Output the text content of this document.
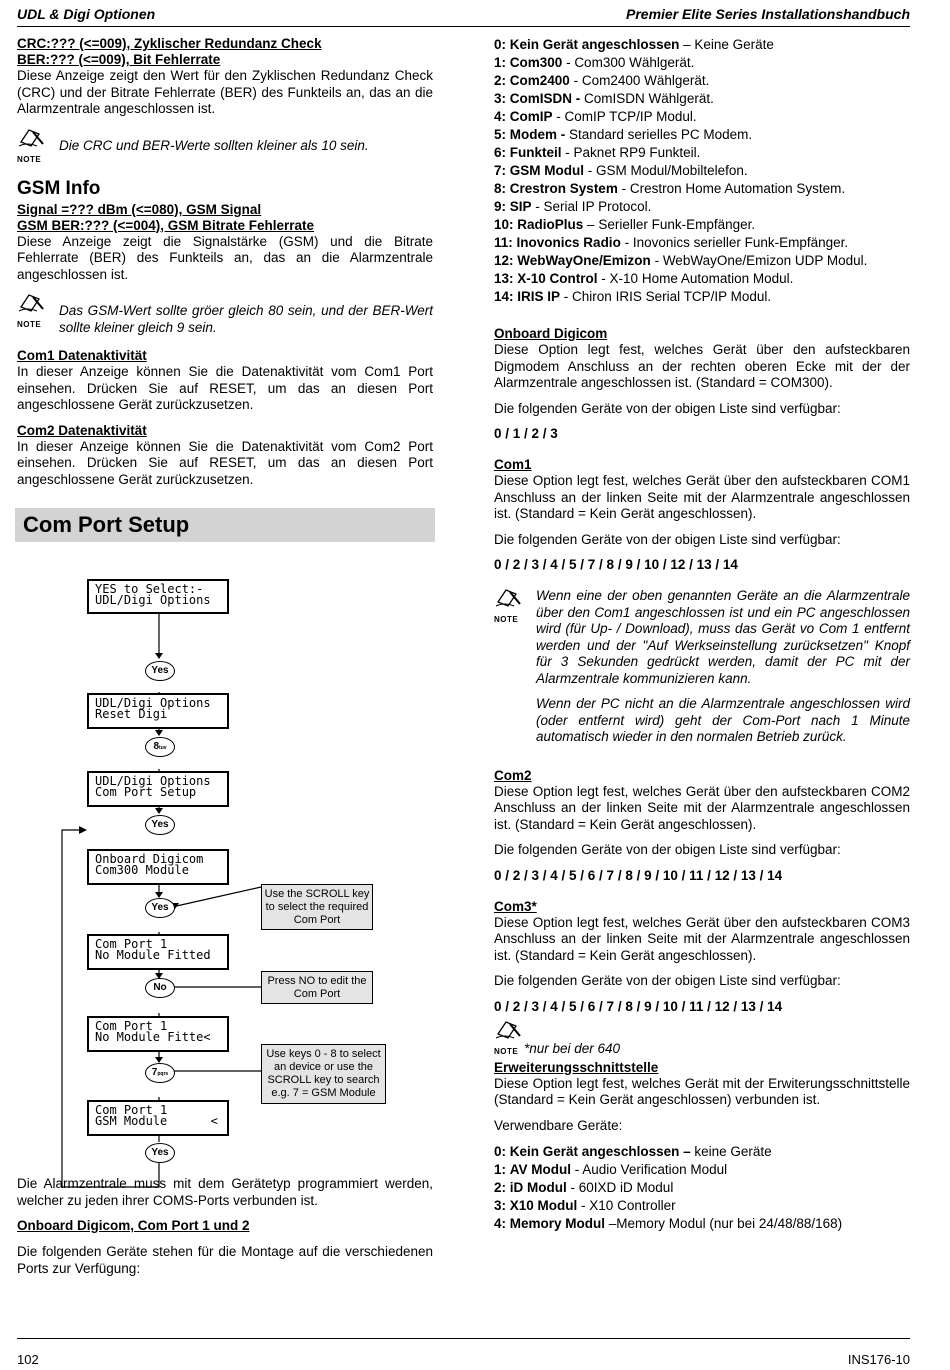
UDL & Digi Optionen	Premier Elite Series Installationshandbuch
CRC:??? (<=009), Zyklischer Redundanz Check
BER:??? (<=009), Bit Fehlerrate

Diese Anzeige zeigt den Wert für den Zyklischen Redundanz Check (CRC) und der Bitrate Fehlerrate (BER) des Funkteils an, das an die Alarmzentrale angeschlossen ist.

NOTE
Die CRC und BER-Werte sollten kleiner als 10 sein.
GSM Info
Signal =??? dBm (<=080), GSM Signal
GSM BER:??? (<=004), GSM Bitrate Fehlerrate

Diese Anzeige zeigt die Signalstärke (GSM) und die Bitrate Fehlerrate (BER) des Funkteils an, das an die Alarmzentrale angeschlossen ist.

NOTE
Das GSM-Wert sollte gröer gleich 80 sein, und der BER-Wert sollte kleiner gleich 9 sein.
Com1 Datenaktivität

In dieser Anzeige können Sie die Datenaktivität vom Com1 Port einsehen. Drücken Sie auf RESET, um das an diesen Port angeschlossene Gerät zurückzusetzen.

Com2 Datenaktivität

In dieser Anzeige können Sie die Datenaktivität vom Com2 Port einsehen. Drücken Sie auf RESET, um das an diesen Port angeschlossene Gerät zurückzusetzen.

Com Port Setup
YES to Select:-
UDL/Digi Options
Yes
UDL/Digi Options
Reset Digi
8tuv
UDL/Digi Options
Com Port Setup
Yes
Onboard Digicom
Com300 Module
Yes
Use the SCROLL key to select the required Com Port
Com Port 1
No Module Fitted
No
Press NO to edit the Com Port
Com Port 1
No Module Fitte<
7pqrs
Use keys 0 - 8 to select an device or use the SCROLL key to search e.g. 7 = GSM Module
Com Port 1
GSM Module      <
Yes

Die Alarmzentrale muss mit dem Gerätetyp programmiert werden, welcher zu jeden ihrer COMS-Ports verbunden ist.

Onboard Digicom, Com Port 1 und 2

Die folgenden Geräte stehen für die Montage auf die verschiedenen Ports zur Verfügung:

0: Kein Gerät angeschlossen – Keine Geräte
1: Com300 - Com300 Wählgerät.
2: Com2400 - Com2400 Wählgerät.
3: ComISDN - ComISDN Wählgerät.
4: ComIP - ComIP TCP/IP Modul.
5: Modem - Standard serielles PC Modem.
6: Funkteil - Paknet RP9 Funkteil.
7: GSM Modul - GSM Modul/Mobiltelefon.
8: Crestron System - Crestron Home Automation System.
9: SIP - Serial IP Protocol.
10: RadioPlus – Serieller Funk-Empfänger.
11: Inovonics Radio - Inovonics serieller Funk-Empfänger.
12: WebWayOne/Emizon - WebWayOne/Emizon UDP Modul.
13: X-10 Control - X-10 Home Automation Modul.
14: IRIS IP - Chiron IRIS Serial TCP/IP Modul.
Onboard Digicom

Diese Option legt fest, welches Gerät über den aufsteckbaren Digmodem Anschluss an der rechten oberen Ecke mit der der Alarmzentrale angeschlossen ist. (Standard = COM300).

Die folgenden Geräte von der obigen Liste sind verfügbar:

0 / 1 / 2 / 3
Com1

Diese Option legt fest, welches Gerät über den aufsteckbaren COM1 Anschluss an der linken Seite mit der Alarmzentrale angeschlossen ist. (Standard = Kein Gerät angeschlossen).

Die folgenden Geräte von der obigen Liste sind verfügbar:

0 / 2 / 3 / 4 / 5 / 7 / 8 / 9 / 10 / 12 / 13 / 14
NOTE
Wenn eine der oben genannten Geräte an die Alarmzentrale über den Com1 angeschlossen ist und ein PC angeschlossen wird (für Up- / Download), muss das Gerät vo Com 1 entfernt werden und der "Auf Werkseinstellung zurücksetzen" Knopf für 3 Sekunden gedrückt werden, damit der PC mit der Alarmzentrale kommunizieren kann.
Wenn der PC nicht an die Alarmzentrale angeschlossen wird (oder entfernt wird) geht der Com-Port nach 1 Minute automatisch wieder in den normalen Betrieb zurück.
Com2

Diese Option legt fest, welches Gerät über den aufsteckbaren COM2 Anschluss an der linken Seite mit der Alarmzentrale angeschlossen ist. (Standard = Kein Gerät angeschlossen).

Die folgenden Geräte von der obigen Liste sind verfügbar:

0 / 2 / 3 / 4 / 5 / 6 / 7 / 8 / 9 / 10 / 11 / 12 / 13 / 14
Com3*

Diese Option legt fest, welches Gerät über den aufsteckbaren COM3 Anschluss an der linken Seite mit der Alarmzentrale angeschlossen ist. (Standard = Kein Gerät angeschlossen).

Die folgenden Geräte von der obigen Liste sind verfügbar:

0 / 2 / 3 / 4 / 5 / 6 / 7 / 8 / 9 / 10 / 11 / 12 / 13 / 14
NOTE *nur bei der 640
Erweiterungsschnittstelle

Diese Option legt fest, welches Gerät mit der Erwiterungsschnittstelle (Standard = Kein Gerät angeschlossen) verbunden ist.

Verwendbare Geräte:

0: Kein Gerät angeschlossen – keine Geräte
1: AV Modul - Audio Verification Modul
2: iD Modul - 60IXD iD Modul
3: X10 Modul - X10 Controller
4: Memory Modul –Memory Modul (nur bei 24/48/88/168)
102	INS176-10
